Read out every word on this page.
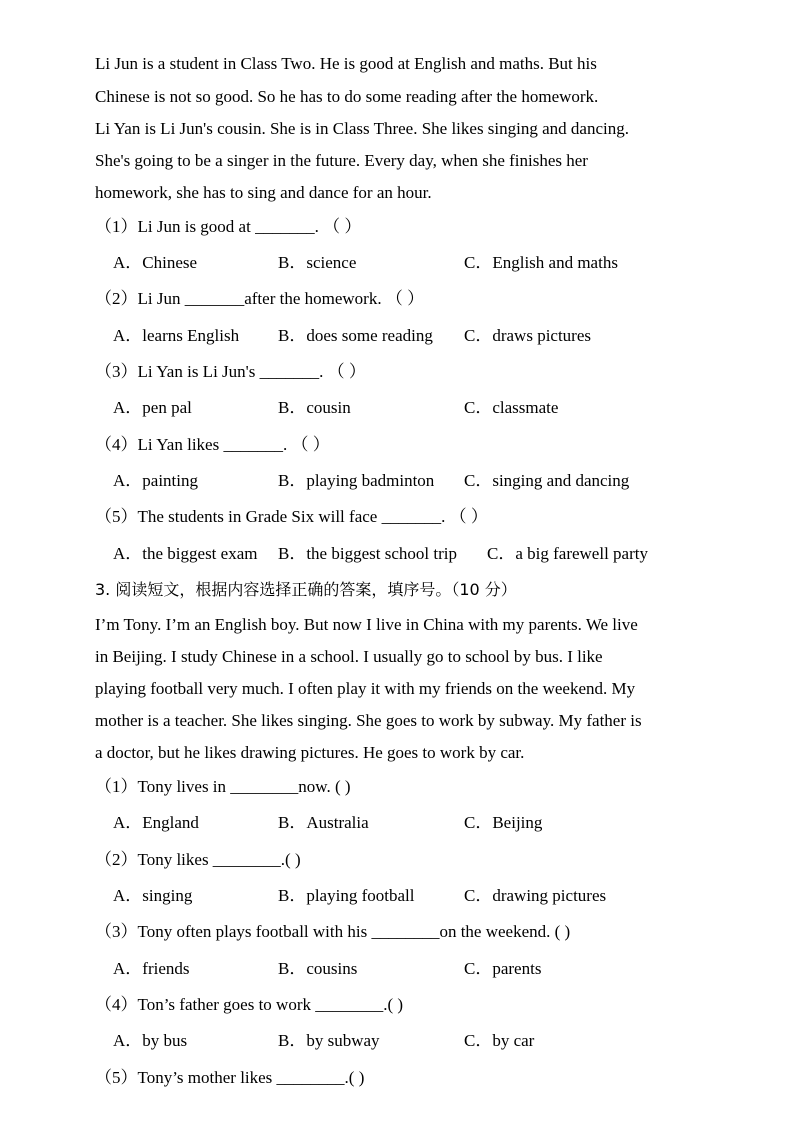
Li Jun is a student in Class Two. He is good at English and maths. But his
Chinese is not so good. So he has to do some reading after the homework.
Li Yan is Li Jun's cousin. She is in Class Three. She likes singing and dancing.
She's going to be a singer in the future. Every day, when she finishes her
homework, she has to sing and dance for an hour.
（1）Li Jun is good at _______. （ ）
A．Chinese	B．science	C．English and maths
（2）Li Jun _______after the homework. （ ）
A．learns English B．does some reading C．draws pictures
（3）Li Yan is Li Jun's _______. （ ）
A．pen pal	B．cousin	C．classmate
（4）Li Yan likes _______. （ ）
A．painting	B．playing badminton C．singing and dancing
（5）The students in Grade Six will face _______. （ ）
A．the biggest exam B．the biggest school trip C．a big farewell party
3. 阅读短文，根据内容选择正确的答案，填序号。（10 分）
I’m Tony. I’m an English boy. But now I live in China with my parents. We live
in Beijing. I study Chinese in a school. I usually go to school by bus. I like
playing football very much. I often play it with my friends on the weekend. My
mother is a teacher. She likes singing. She goes to work by subway. My father is
a doctor, but he likes drawing pictures. He goes to work by car.
（1）Tony lives in ________now. ( )
A．England	B．Australia	C．Beijing
（2）Tony likes ________.( )
A．singing	B．playing football	C．drawing pictures
（3）Tony often plays football with his ________on the weekend. ( )
A．friends	B．cousins	C．parents
（4）Ton’s father goes to work ________.( )
A．by bus	B．by subway	C．by car
（5）Tony’s mother likes ________.( )
